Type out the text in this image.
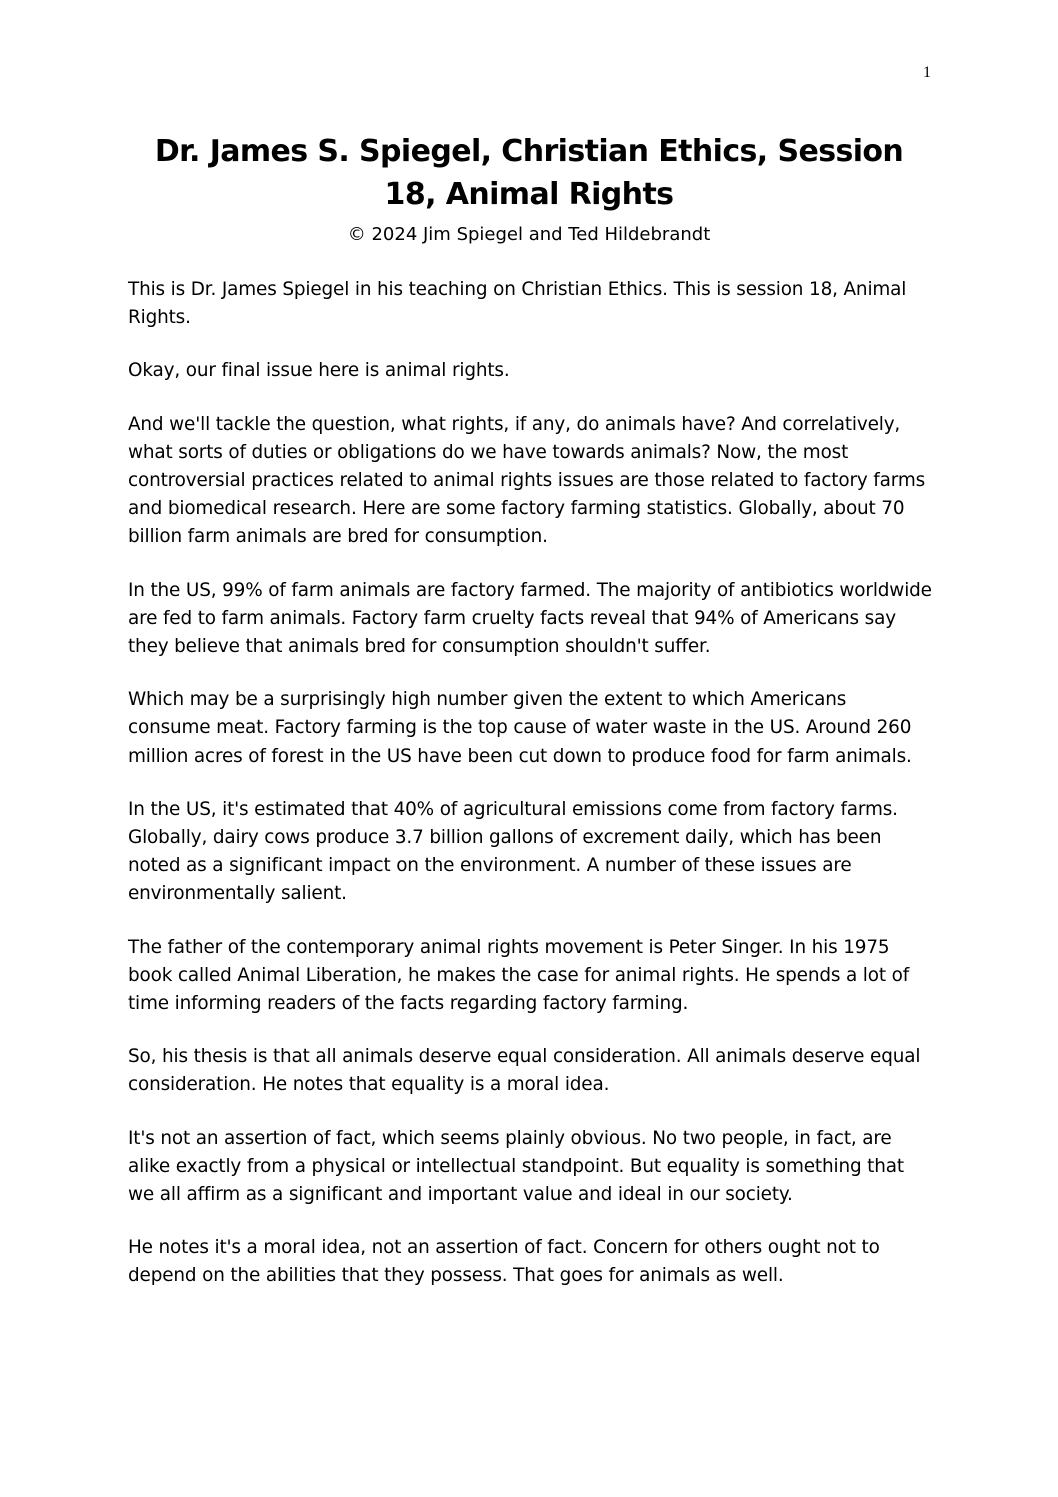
1
Dr. James S. Spiegel, Christian Ethics, Session 18, Animal Rights
© 2024 Jim Spiegel and Ted Hildebrandt

This is Dr. James Spiegel in his teaching on Christian Ethics. This is session 18, Animal Rights.

Okay, our final issue here is animal rights.

And we'll tackle the question, what rights, if any, do animals have? And correlatively, what sorts of duties or obligations do we have towards animals? Now, the most controversial practices related to animal rights issues are those related to factory farms and biomedical research. Here are some factory farming statistics. Globally, about 70 billion farm animals are bred for consumption.

In the US, 99% of farm animals are factory farmed. The majority of antibiotics worldwide are fed to farm animals. Factory farm cruelty facts reveal that 94% of Americans say they believe that animals bred for consumption shouldn't suffer.

Which may be a surprisingly high number given the extent to which Americans consume meat. Factory farming is the top cause of water waste in the US. Around 260 million acres of forest in the US have been cut down to produce food for farm animals.

In the US, it's estimated that 40% of agricultural emissions come from factory farms. Globally, dairy cows produce 3.7 billion gallons of excrement daily, which has been noted as a significant impact on the environment. A number of these issues are environmentally salient.

The father of the contemporary animal rights movement is Peter Singer. In his 1975 book called Animal Liberation, he makes the case for animal rights. He spends a lot of time informing readers of the facts regarding factory farming.

So, his thesis is that all animals deserve equal consideration. All animals deserve equal consideration. He notes that equality is a moral idea.

It's not an assertion of fact, which seems plainly obvious. No two people, in fact, are alike exactly from a physical or intellectual standpoint. But equality is something that we all affirm as a significant and important value and ideal in our society.

He notes it's a moral idea, not an assertion of fact. Concern for others ought not to depend on the abilities that they possess. That goes for animals as well.
